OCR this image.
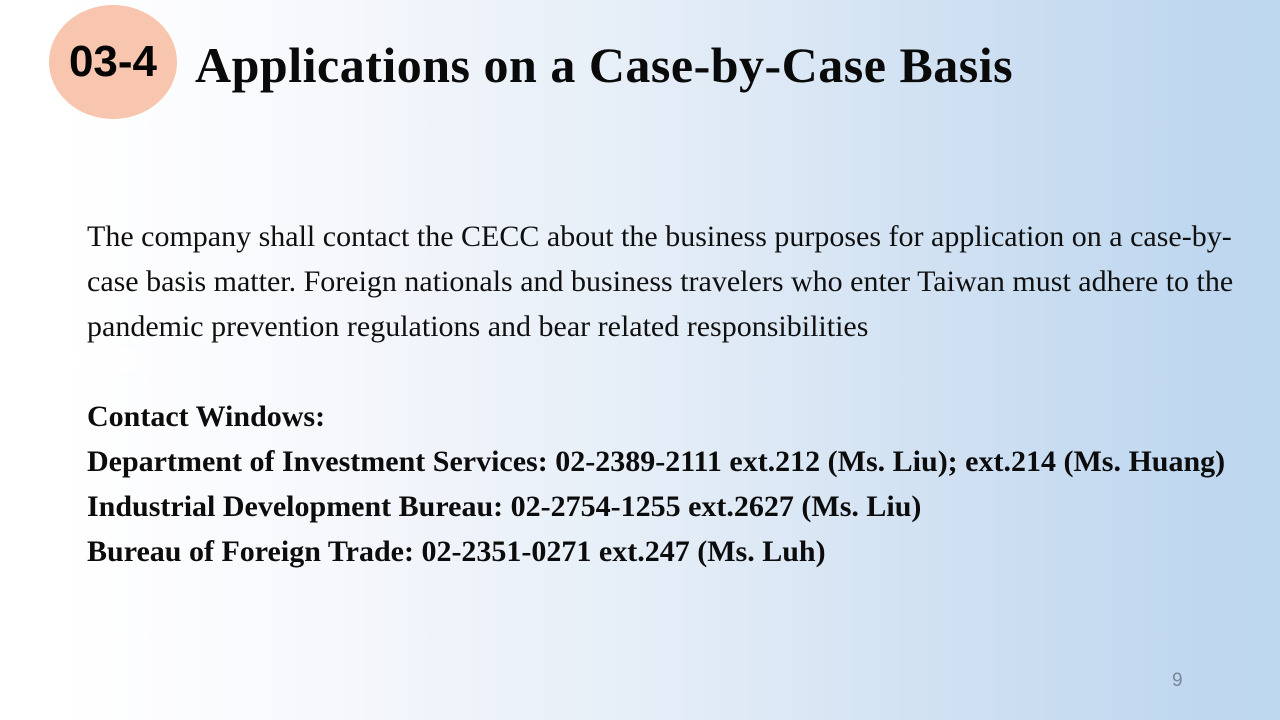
03-4 Applications on a Case-by-Case Basis
The company shall contact the CECC about the business purposes for application on a case-by-
case basis matter. Foreign nationals and business travelers who enter Taiwan must adhere to the
pandemic prevention regulations and bear related responsibilities
Contact Windows:
Department of Investment Services: 02-2389-2111 ext.212 (Ms. Liu); ext.214 (Ms. Huang)
Industrial Development Bureau: 02-2754-1255 ext.2627 (Ms. Liu)
Bureau of Foreign Trade: 02-2351-0271 ext.247 (Ms. Luh)
9
